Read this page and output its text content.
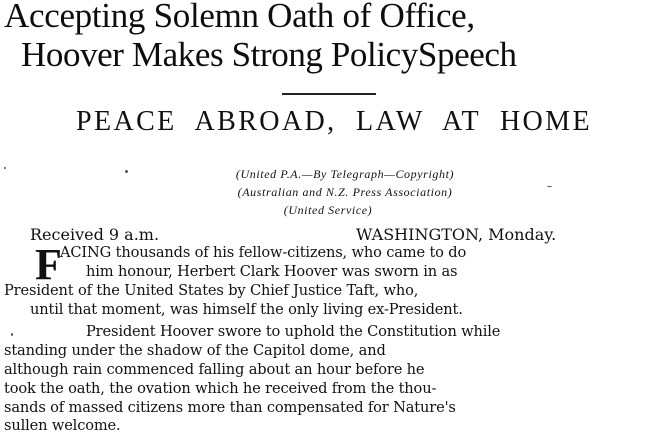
Accepting Solemn Oath of Office,
Hoover Makes Strong PolicySpeech
PEACE ABROAD, LAW AT HOME
(United P.A.—By Telegraph—Copyright)
(Australian and N.Z. Press Association)
(United Service)
Received 9 a.m.	WASHINGTON, Monday.
F
ACING thousands of his fellow-citizens, who came to do
him honour, Herbert Clark Hoover was sworn in as
President of the United States by Chief Justice Taft, who,
until that moment, was himself the only living ex-President.
President Hoover swore to uphold the Constitution while
standing under the shadow of the Capitol dome, and
although rain commenced falling about an hour before he
took the oath, the ovation which he received from the thou-
sands of massed citizens more than compensated for Nature's
sullen welcome.
